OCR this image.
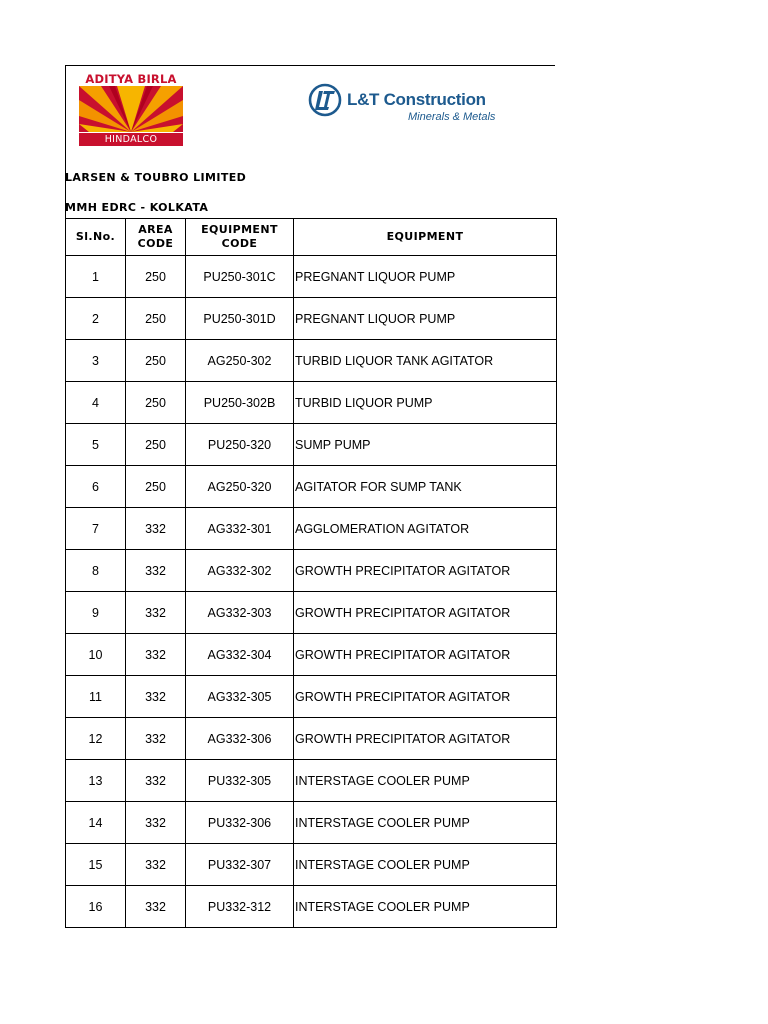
ADITYA BIRLA
HINDALCO
L&T Construction
Minerals & Metals
LARSEN & TOUBRO LIMITED
MMH EDRC - KOLKATA
Sl.No.	AREA CODE	EQUIPMENT CODE	EQUIPMENT
1	250	PU250-301C	PREGNANT LIQUOR PUMP
2	250	PU250-301D	PREGNANT LIQUOR PUMP
3	250	AG250-302	TURBID LIQUOR TANK AGITATOR
4	250	PU250-302B	TURBID LIQUOR PUMP
5	250	PU250-320	SUMP PUMP
6	250	AG250-320	AGITATOR FOR SUMP TANK
7	332	AG332-301	AGGLOMERATION AGITATOR
8	332	AG332-302	GROWTH PRECIPITATOR AGITATOR
9	332	AG332-303	GROWTH PRECIPITATOR AGITATOR
10	332	AG332-304	GROWTH PRECIPITATOR AGITATOR
11	332	AG332-305	GROWTH PRECIPITATOR AGITATOR
12	332	AG332-306	GROWTH PRECIPITATOR AGITATOR
13	332	PU332-305	INTERSTAGE COOLER PUMP
14	332	PU332-306	INTERSTAGE COOLER PUMP
15	332	PU332-307	INTERSTAGE COOLER PUMP
16	332	PU332-312	INTERSTAGE COOLER PUMP
